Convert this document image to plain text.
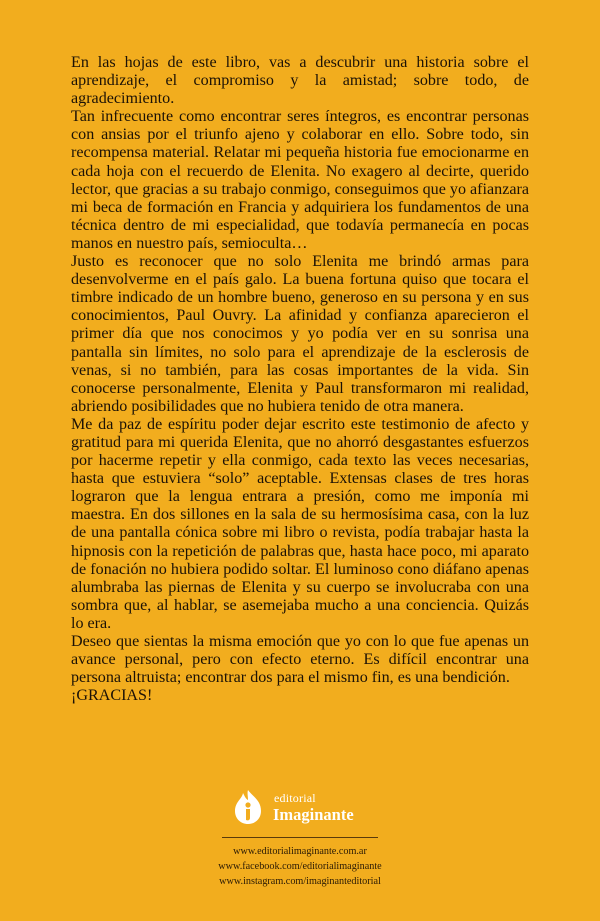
En las hojas de este libro, vas a descubrir una historia sobre el aprendizaje, el compromiso y la amistad; sobre todo, de agradecimiento.

Tan infrecuente como encontrar seres íntegros, es encontrar personas con ansias por el triunfo ajeno y colaborar en ello. Sobre todo, sin recompensa material. Relatar mi pequeña historia fue emocionarme en cada hoja con el recuerdo de Elenita. No exagero al decirte, querido lector, que gracias a su trabajo conmigo, conseguimos que yo afianzara mi beca de formación en Francia y adquiriera los fundamentos de una técnica dentro de mi especialidad, que todavía permanecía en pocas manos en nuestro país, semioculta…

Justo es reconocer que no solo Elenita me brindó armas para desenvolverme en el país galo. La buena fortuna quiso que tocara el timbre indicado de un hombre bueno, generoso en su persona y en sus conocimientos, Paul Ouvry. La afinidad y confianza aparecieron el primer día que nos conocimos y yo podía ver en su sonrisa una pantalla sin límites, no solo para el aprendizaje de la esclerosis de venas, si no también, para las cosas importantes de la vida. Sin conocerse personalmente, Elenita y Paul transformaron mi realidad, abriendo posibilidades que no hubiera tenido de otra manera.

Me da paz de espíritu poder dejar escrito este testimonio de afecto y gratitud para mi querida Elenita, que no ahorró desgastantes esfuerzos por hacerme repetir y ella conmigo, cada texto las veces necesarias, hasta que estuviera “solo” aceptable. Extensas clases de tres horas lograron que la lengua entrara a presión, como me imponía mi maestra. En dos sillones en la sala de su hermosísima casa, con la luz de una pantalla cónica sobre mi libro o revista, podía trabajar hasta la hipnosis con la repetición de palabras que, hasta hace poco, mi aparato de fonación no hubiera podido soltar. El luminoso cono diáfano apenas alumbraba las piernas de Elenita y su cuerpo se involucraba con una sombra que, al hablar, se asemejaba mucho a una conciencia. Quizás lo era.

Deseo que sientas la misma emoción que yo con lo que fue apenas un avance personal, pero con efecto eterno. Es difícil encontrar una persona altruista; encontrar dos para el mismo fin, es una bendición.

¡GRACIAS!

editorial
Imaginante
www.editorialimaginante.com.ar
www.facebook.com/editorialimaginante
www.instagram.com/imaginanteditorial
